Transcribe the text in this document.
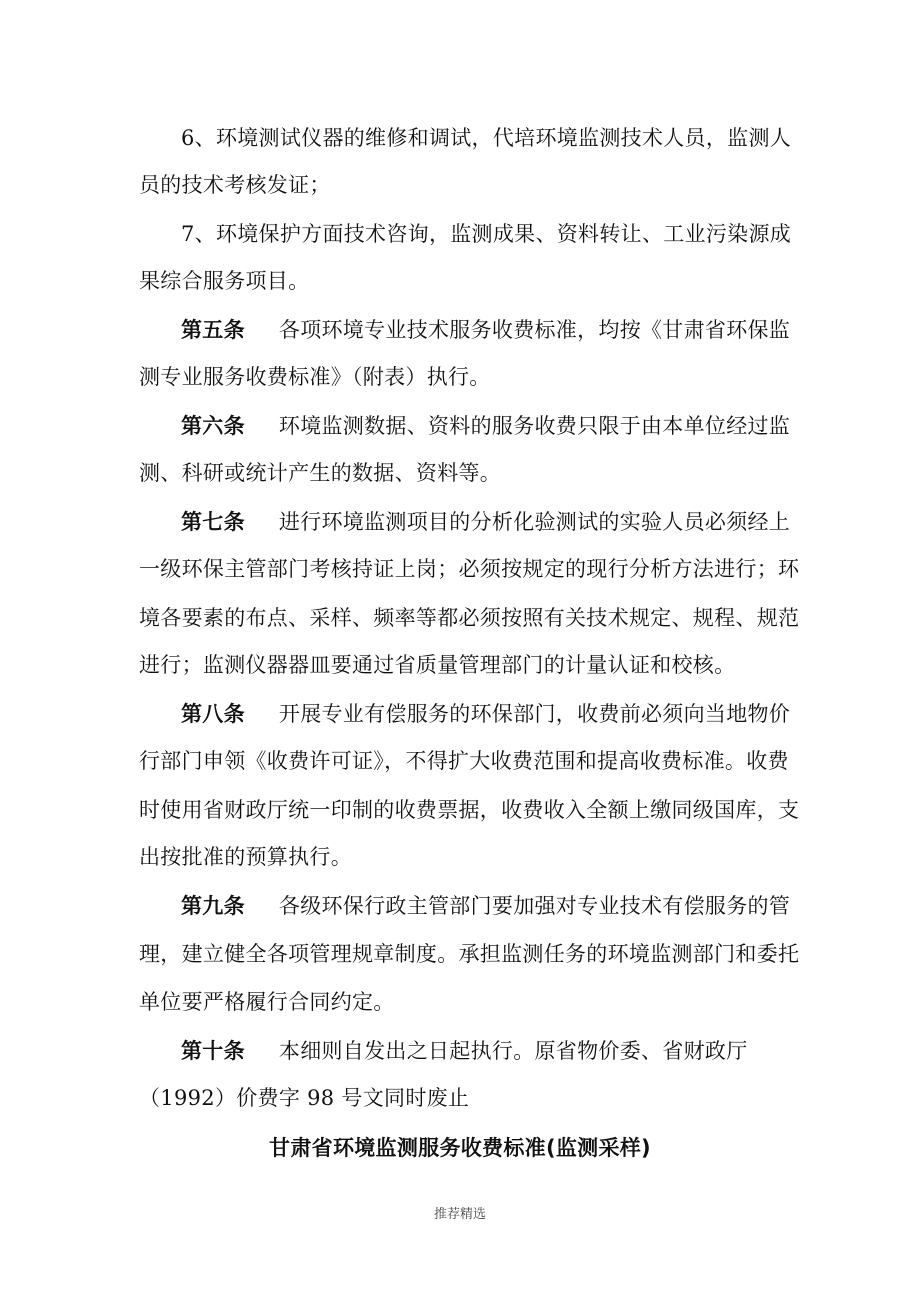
6、环境测试仪器的维修和调试，代培环境监测技术人员，监测人
员的技术考核发证；
7、环境保护方面技术咨询，监测成果、资料转让、工业污染源成
果综合服务项目。
第五条 各项环境专业技术服务收费标准，均按《甘肃省环保监
测专业服务收费标准》（附表）执行。
第六条 环境监测数据、资料的服务收费只限于由本单位经过监
测、科研或统计产生的数据、资料等。
第七条 进行环境监测项目的分析化验测试的实验人员必须经上
一级环保主管部门考核持证上岗；必须按规定的现行分析方法进行；环
境各要素的布点、采样、频率等都必须按照有关技术规定、规程、规范
进行；监测仪器器皿要通过省质量管理部门的计量认证和校核。
第八条 开展专业有偿服务的环保部门，收费前必须向当地物价
行部门申领《收费许可证》，不得扩大收费范围和提高收费标准。收费
时使用省财政厅统一印制的收费票据，收费收入全额上缴同级国库，支
出按批准的预算执行。
第九条 各级环保行政主管部门要加强对专业技术有偿服务的管
理，建立健全各项管理规章制度。承担监测任务的环境监测部门和委托
单位要严格履行合同约定。
第十条 本细则自发出之日起执行。原省物价委、省财政厅
（1992）价费字 98 号文同时废止
甘肃省环境监测服务收费标准(监测采样)
推荐精选
